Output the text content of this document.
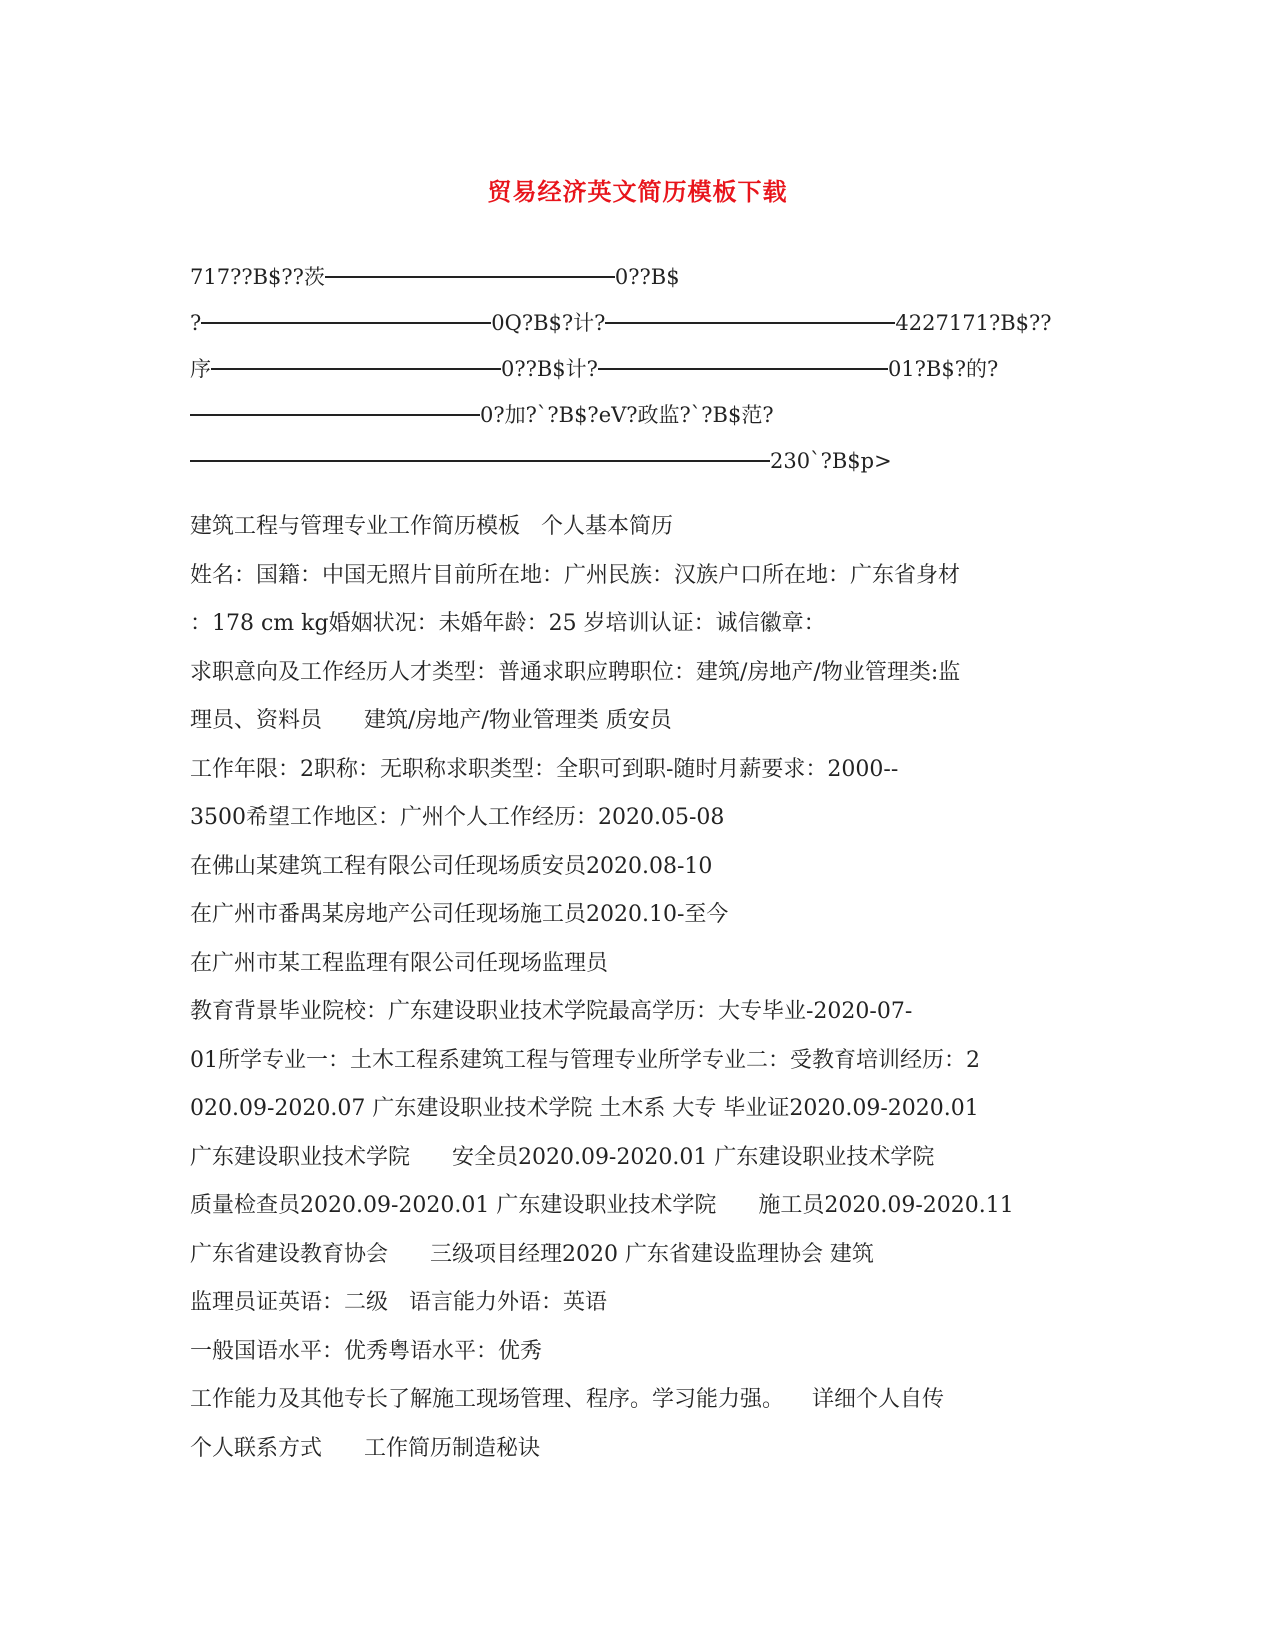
贸易经济英文简历模板下载
717??B$??茨	0??B$
?	0Q?B$?计?	4227171?B$??
序	0??B$计?	01?B$?的?
0?加?`?B$?eV?政监?`?B$范?
230`?B$p>
建筑工程与管理专业工作简历模板   个人基本简历
姓名：国籍：中国无照片目前所在地：广州民族：汉族户口所在地：广东省身材
：178 cm kg婚姻状况：未婚年龄：25 岁培训认证：诚信徽章：
求职意向及工作经历人才类型：普通求职应聘职位：建筑/房地产/物业管理类:监
理员、资料员      建筑/房地产/物业管理类 质安员
工作年限：2职称：无职称求职类型：全职可到职-随时月薪要求：2000--
3500希望工作地区：广州个人工作经历：2020.05-08
在佛山某建筑工程有限公司任现场质安员2020.08-10
在广州市番禺某房地产公司任现场施工员2020.10-至今
在广州市某工程监理有限公司任现场监理员
教育背景毕业院校：广东建设职业技术学院最高学历：大专毕业-2020-07-
01所学专业一：土木工程系建筑工程与管理专业所学专业二：受教育培训经历：2
020.09-2020.07 广东建设职业技术学院 土木系 大专 毕业证2020.09-2020.01
广东建设职业技术学院      安全员2020.09-2020.01 广东建设职业技术学院
质量检查员2020.09-2020.01 广东建设职业技术学院      施工员2020.09-2020.11
广东省建设教育协会      三级项目经理2020 广东省建设监理协会 建筑
监理员证英语：二级   语言能力外语：英语
一般国语水平：优秀粤语水平：优秀
工作能力及其他专长了解施工现场管理、程序。学习能力强。    详细个人自传
个人联系方式      工作简历制造秘诀
